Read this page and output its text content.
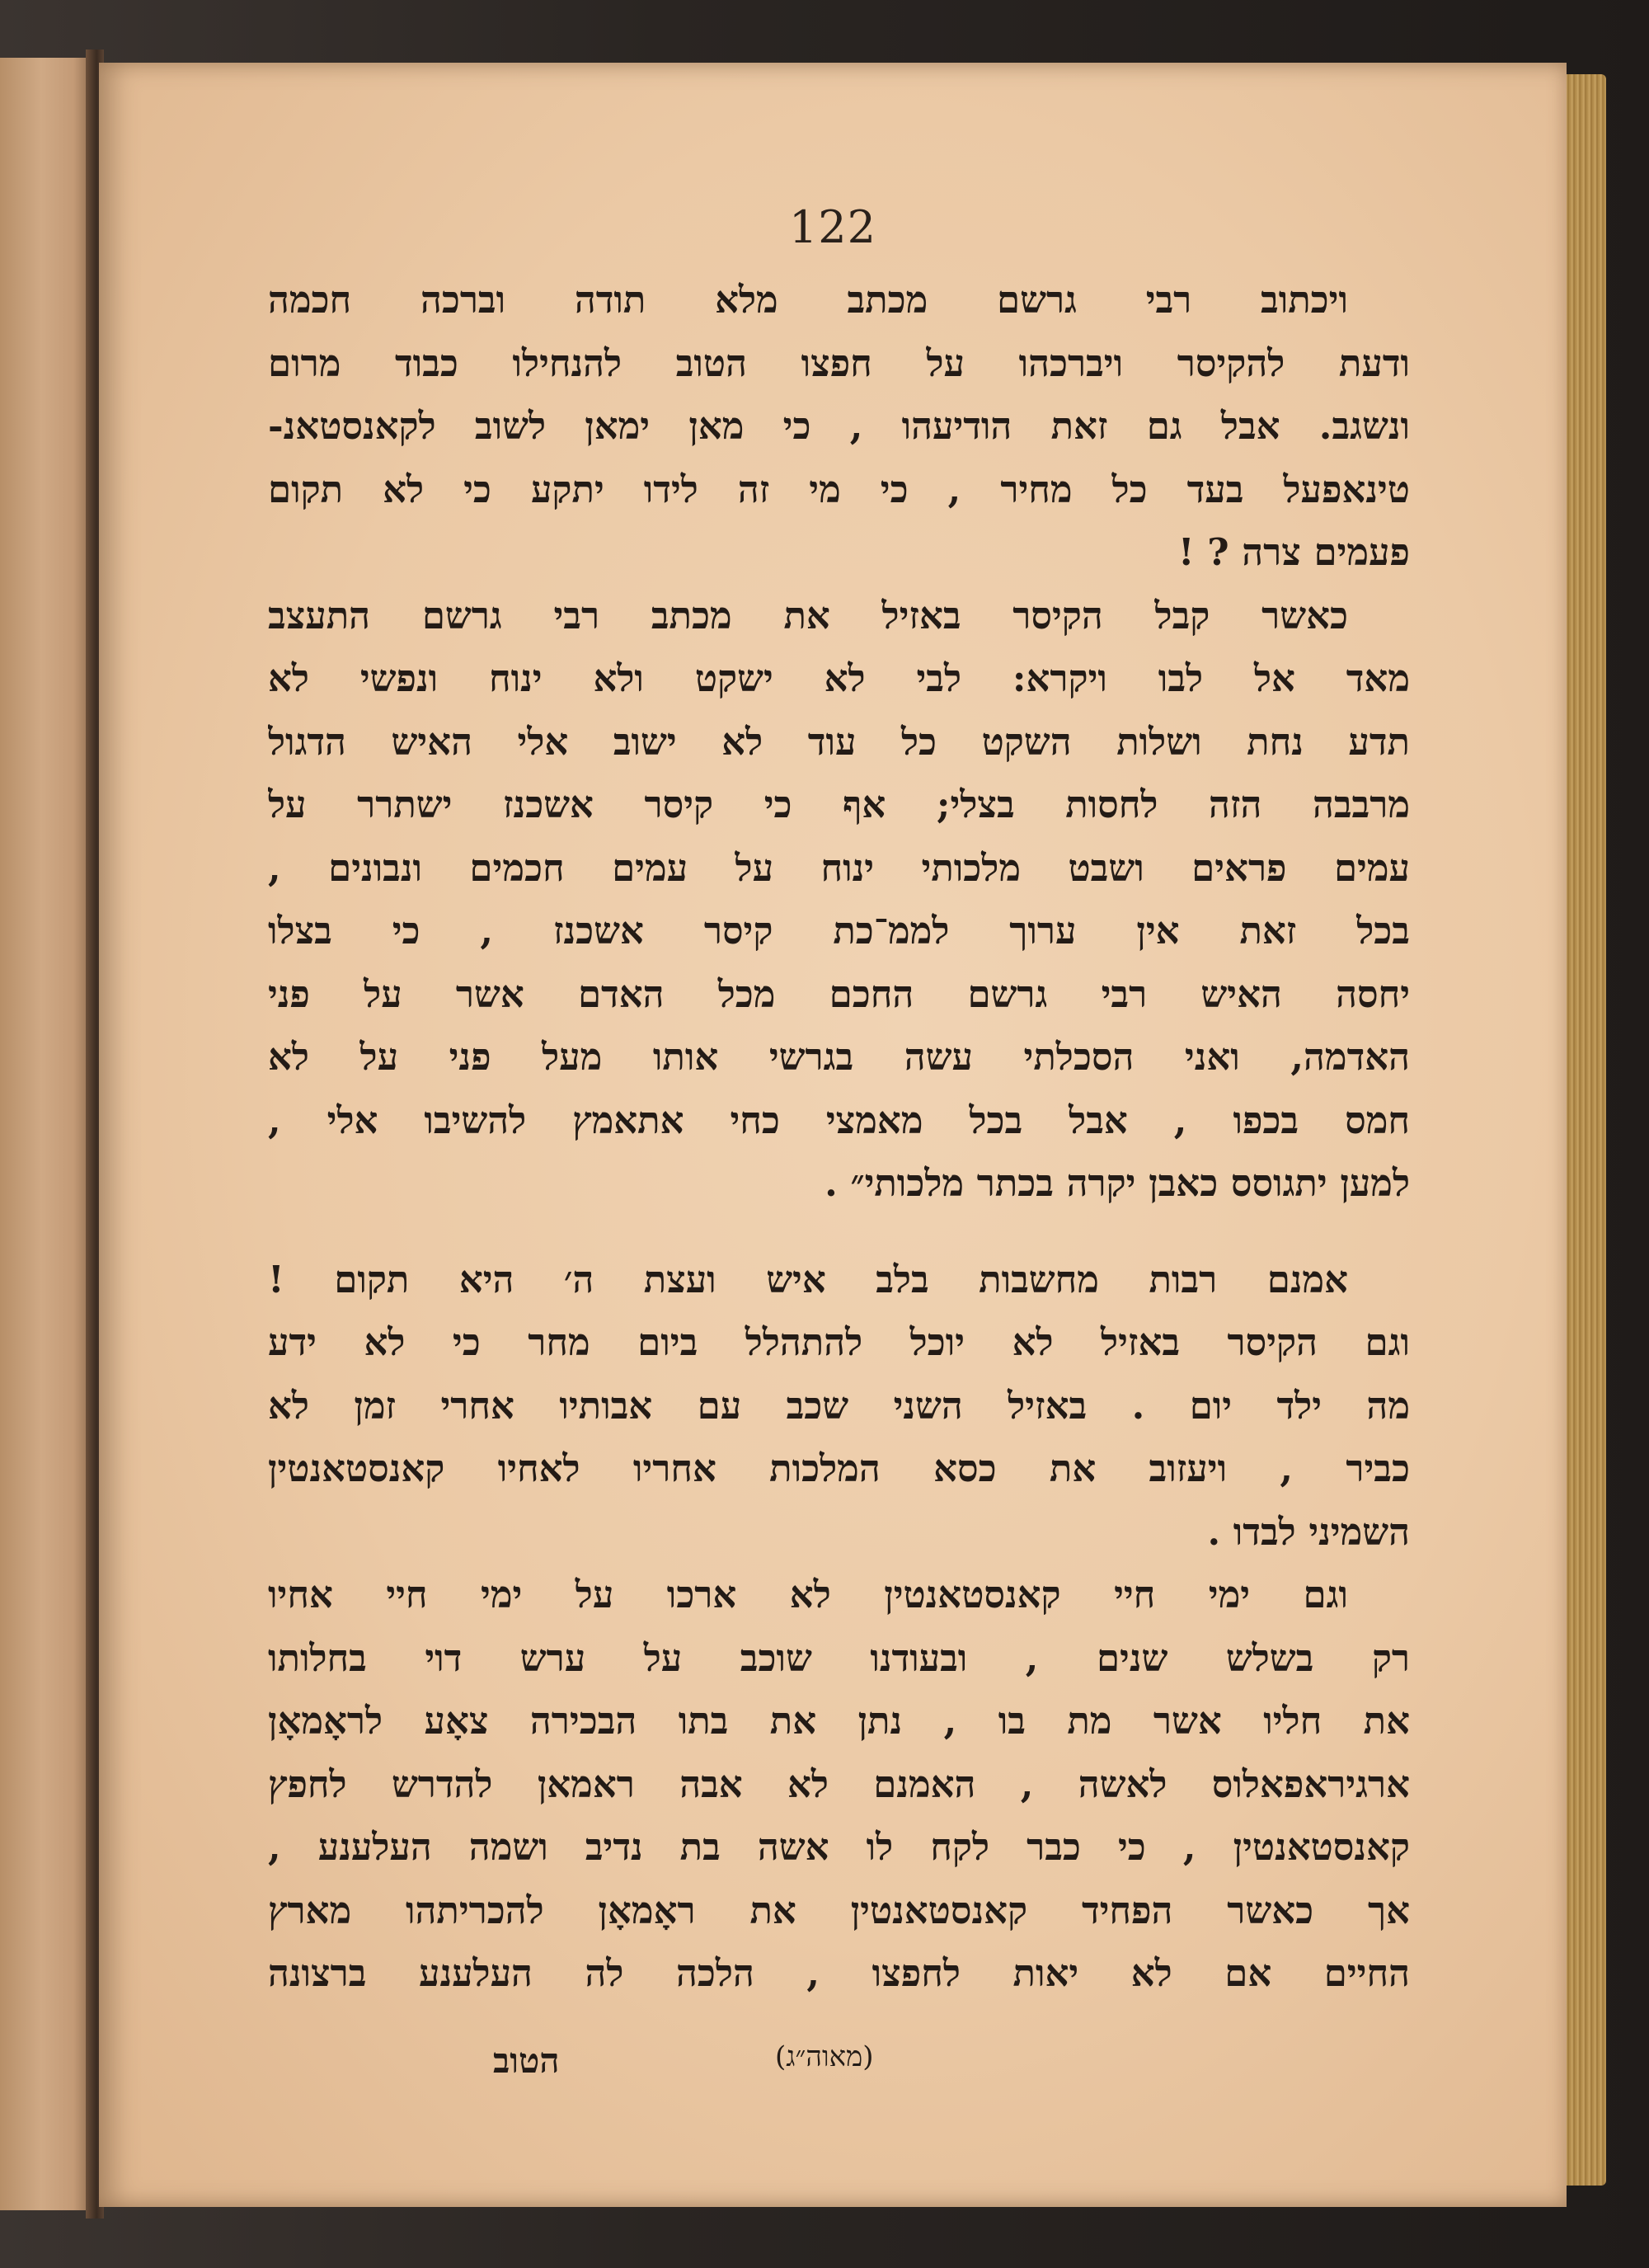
122

ויכתוב רבי גרשם מכתב מלא תודה וברכה חכמה
ודעת להקיסר ויברכהו על חפצו הטוב להנחילו כבוד מרום
ונשגב. אבל גם זאת הודיעהו , כי מאן ימאן לשוב לקאנסטאנ-
טינאפעל בעד כל מחיר , כי מי זה לידו יתקע כי לא תקום
פעמים צרה ? !

כאשר קבל הקיסר באזיל את מכתב רבי גרשם התעצב
מאד אל לבו ויקרא: לבי לא ישקט ולא ינוח ונפשי לא
תדע נחת ושלות השקט כל עוד לא ישוב אלי האיש הדגול
מרבבה הזה לחסות בצלי; אף כי קיסר אשכנז ישתרר על
עמים פראים ושבט מלכותי ינוח על עמים חכמים ונבונים ,
בכל זאת אין ערוך לממ־כת קיסר אשכנז , כי בצלו
יחסה האיש רבי גרשם החכם מכל האדם אשר על פני
האדמה, ואני הסכלתי עשה בגרשי אותו מעל פני על לא
חמס בכפו , אבל בכל מאמצי כחי אתאמץ להשיבו אלי ,
למען יתגוסס כאבן יקרה בכתר מלכותי״ .

אמנם רבות מחשבות בלב איש ועצת ה׳ היא תקום !
וגם הקיסר באזיל לא יוכל להתהלל ביום מחר כי לא ידע
מה ילד יום . באזיל השני שכב עם אבותיו אחרי זמן לא
כביר , ויעזוב את כסא המלכות אחריו לאחיו קאנסטאנטין
השמיני לבדו .

וגם ימי חיי קאנסטאנטין לא ארכו על ימי חיי אחיו
רק בשלש שנים , ובעודנו שוכב על ערש דוי בחלותו
את חליו אשר מת בו , נתן את בתו הבכירה צאָע לראָמאָן
ארגיראפאלוס לאשה , האמנם לא אבה ראמאן להדרש לחפץ
קאנסטאנטין , כי כבר לקח לו אשה בת נדיב ושמה העלענע ,
אך כאשר הפחיד קאנסטאנטין את ראָמאָן להכריתהו מארץ
החיים אם לא יאות לחפצו , הלכה לה העלענע ברצונה

הטוב	(מאוה״ג)
